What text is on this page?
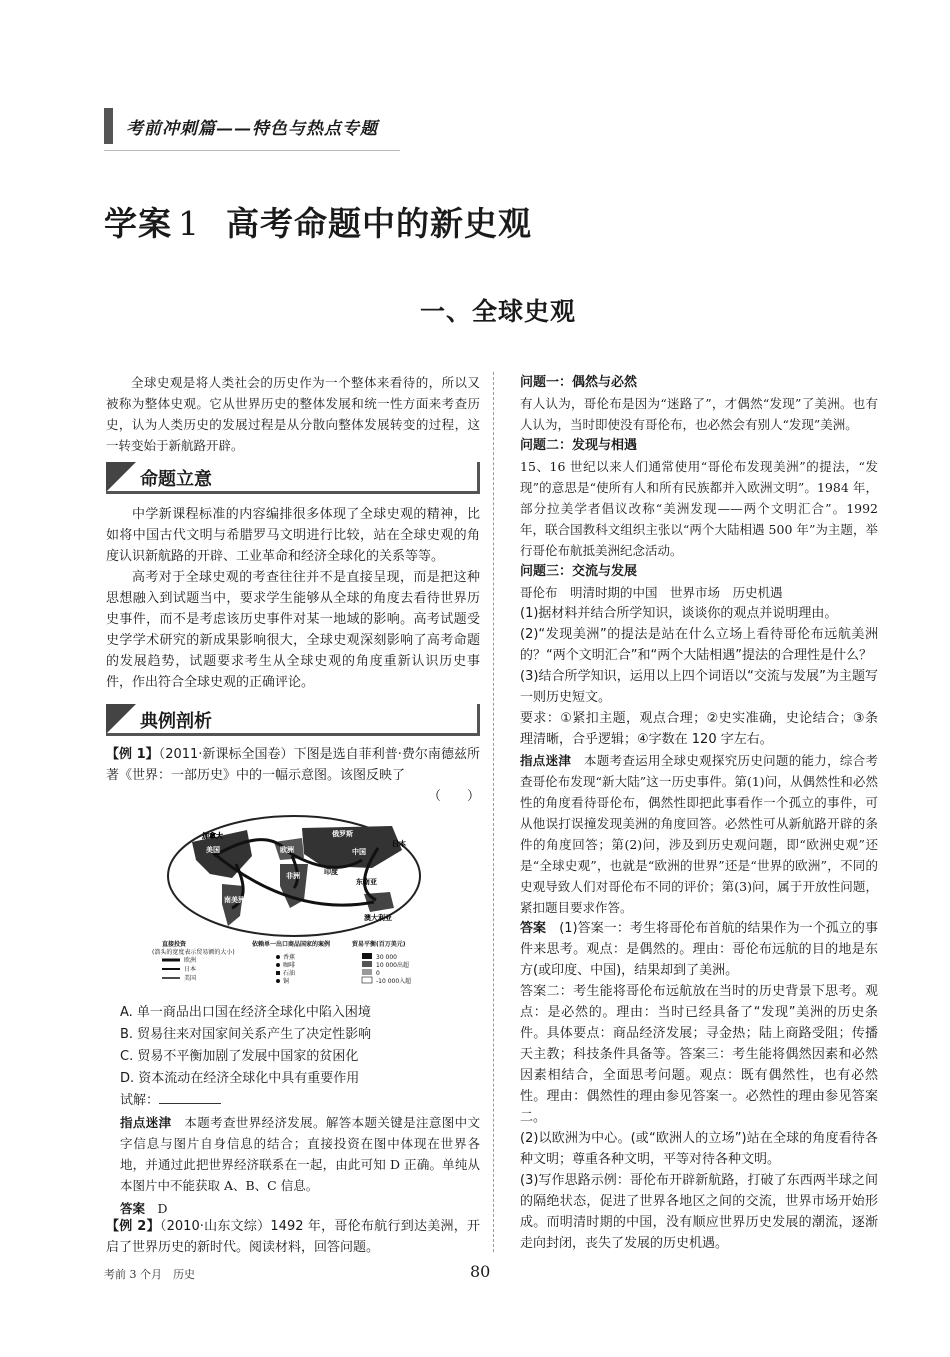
考前冲刺篇——特色与热点专题
学案 1 高考命题中的新史观
一、全球史观

全球史观是将人类社会的历史作为一个整体来看待的，所以又被称为整体史观。它从世界历史的整体发展和统一性方面来考查历史，认为人类历史的发展过程是从分散向整体发展转变的过程，这一转变始于新航路开辟。

命题立意

中学新课程标准的内容编排很多体现了全球史观的精神，比如将中国古代文明与希腊罗马文明进行比较，站在全球史观的角度认识新航路的开辟、工业革命和经济全球化的关系等等。

高考对于全球史观的考查往往并不是直接呈现，而是把这种思想融入到试题当中，要求学生能够从全球的角度去看待世界历史事件，而不是考虑该历史事件对某一地域的影响。高考试题受史学学术研究的新成果影响很大，全球史观深刻影响了高考命题的发展趋势，试题要求考生从全球史观的角度重新认识历史事件，作出符合全球史观的正确评论。

典例剖析

【例 1】（2011·新课标全国卷）下图是选自菲利普·费尔南德兹所著《世界：一部历史》中的一幅示意图。该图反映了

（　　）

加拿大
美国
俄罗斯
欧洲	中国
日本
非洲
南美洲
印度
东南亚
澳大利亚
直接投资
(箭头的宽度表示贸易额的大小)
欧洲
日本
美国
依赖单一出口商品国家的案例
香蕉
咖啡
石油
铜
贸易平衡(百万美元)
30 000
10 000出超
0
-10 000入超

A. 单一商品出口国在经济全球化中陷入困境

B. 贸易往来对国家间关系产生了决定性影响

C. 贸易不平衡加剧了发展中国家的贫困化

D. 资本流动在经济全球化中具有重要作用

试解：

指点迷津　 本题考查世界经济发展。解答本题关键是注意图中文字信息与图片自身信息的结合；直接投资在图中体现在世界各地，并通过此把世界经济联系在一起，由此可知 D 正确。单纯从本图片中不能获取 A、B、C 信息。

答案　 D

【例 2】（2010·山东文综）1492 年，哥伦布航行到达美洲，开启了世界历史的新时代。阅读材料，回答问题。

问题一：偶然与必然

有人认为，哥伦布是因为“迷路了”，才偶然“发现”了美洲。也有人认为，当时即使没有哥伦布，也必然会有别人“发现”美洲。

问题二：发现与相遇

15、16 世纪以来人们通常使用“哥伦布发现美洲”的提法，“发现”的意思是“使所有人和所有民族都并入欧洲文明”。1984 年，部分拉美学者倡议改称“美洲发现——两个文明汇合”。1992 年，联合国教科文组织主张以“两个大陆相遇 500 年”为主题，举行哥伦布航抵美洲纪念活动。

问题三：交流与发展

哥伦布　明清时期的中国　世界市场　历史机遇

(1)据材料并结合所学知识，谈谈你的观点并说明理由。

(2)“发现美洲”的提法是站在什么立场上看待哥伦布远航美洲的？“两个文明汇合”和“两个大陆相遇”提法的合理性是什么？

(3)结合所学知识，运用以上四个词语以“交流与发展”为主题写一则历史短文。

要求：①紧扣主题，观点合理；②史实准确，史论结合；③条理清晰，合乎逻辑；④字数在 120 字左右。

指点迷津　 本题考查运用全球史观探究历史问题的能力，综合考查哥伦布发现“新大陆”这一历史事件。第(1)问，从偶然性和必然性的角度看待哥伦布，偶然性即把此事看作一个孤立的事件，可从他误打误撞发现美洲的角度回答。必然性可从新航路开辟的条件的角度回答；第(2)问，涉及到历史观问题，即“欧洲史观”还是“全球史观”，也就是“欧洲的世界”还是“世界的欧洲”，不同的史观导致人们对哥伦布不同的评价；第(3)问，属于开放性问题，紧扣题目要求作答。

答案　 (1)答案一：考生将哥伦布首航的结果作为一个孤立的事件来思考。观点：是偶然的。理由：哥伦布远航的目的地是东方(或印度、中国)，结果却到了美洲。

答案二：考生能将哥伦布远航放在当时的历史背景下思考。观点：是必然的。理由：当时已经具备了“发现”美洲的历史条件。具体要点：商品经济发展；寻金热；陆上商路受阻；传播天主教；科技条件具备等。答案三：考生能将偶然因素和必然因素相结合，全面思考问题。观点：既有偶然性，也有必然性。理由：偶然性的理由参见答案一。必然性的理由参见答案二。

(2)以欧洲为中心。(或“欧洲人的立场”)站在全球的角度看待各种文明；尊重各种文明，平等对待各种文明。

(3)写作思路示例：哥伦布开辟新航路，打破了东西两半球之间的隔绝状态，促进了世界各地区之间的交流，世界市场开始形成。而明清时期的中国，没有顺应世界历史发展的潮流，逐渐走向封闭，丧失了发展的历史机遇。

考前 3 个月　历史	80
